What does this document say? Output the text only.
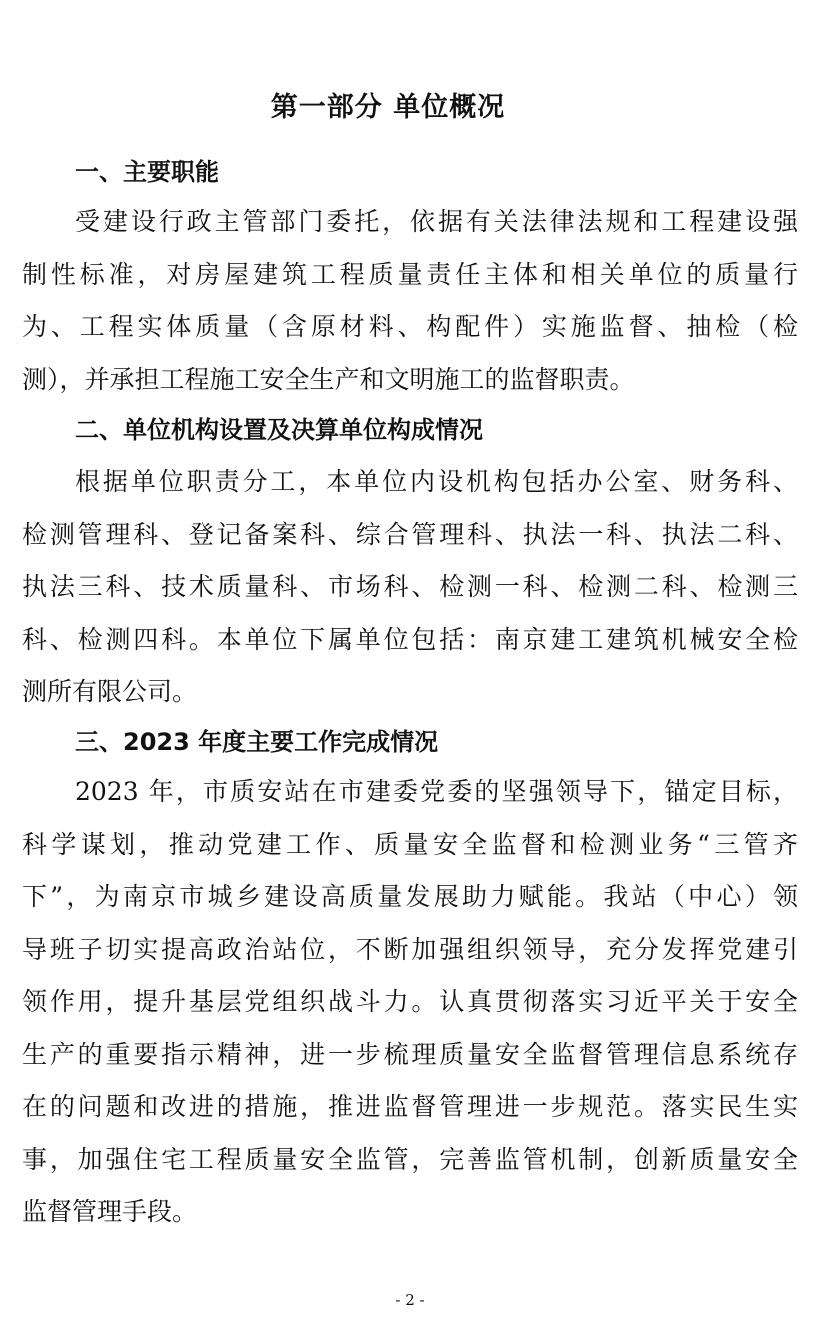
第一部分 单位概况
一、主要职能
受建设行政主管部门委托，依据有关法律法规和工程建设强
制性标准，对房屋建筑工程质量责任主体和相关单位的质量行
为、工程实体质量（含原材料、构配件）实施监督、抽检（检
测），并承担工程施工安全生产和文明施工的监督职责。
二、单位机构设置及决算单位构成情况
根据单位职责分工，本单位内设机构包括办公室、财务科、
检测管理科、登记备案科、综合管理科、执法一科、执法二科、
执法三科、技术质量科、市场科、检测一科、检测二科、检测三
科、检测四科。本单位下属单位包括：南京建工建筑机械安全检
测所有限公司。
三、2023 年度主要工作完成情况
2023 年，市质安站在市建委党委的坚强领导下，锚定目标，
科学谋划，推动党建工作、质量安全监督和检测业务“三管齐
下”，为南京市城乡建设高质量发展助力赋能。我站（中心）领
导班子切实提高政治站位，不断加强组织领导，充分发挥党建引
领作用，提升基层党组织战斗力。认真贯彻落实习近平关于安全
生产的重要指示精神，进一步梳理质量安全监督管理信息系统存
在的问题和改进的措施，推进监督管理进一步规范。落实民生实
事，加强住宅工程质量安全监管，完善监管机制，创新质量安全
监督管理手段。
- 2 -
